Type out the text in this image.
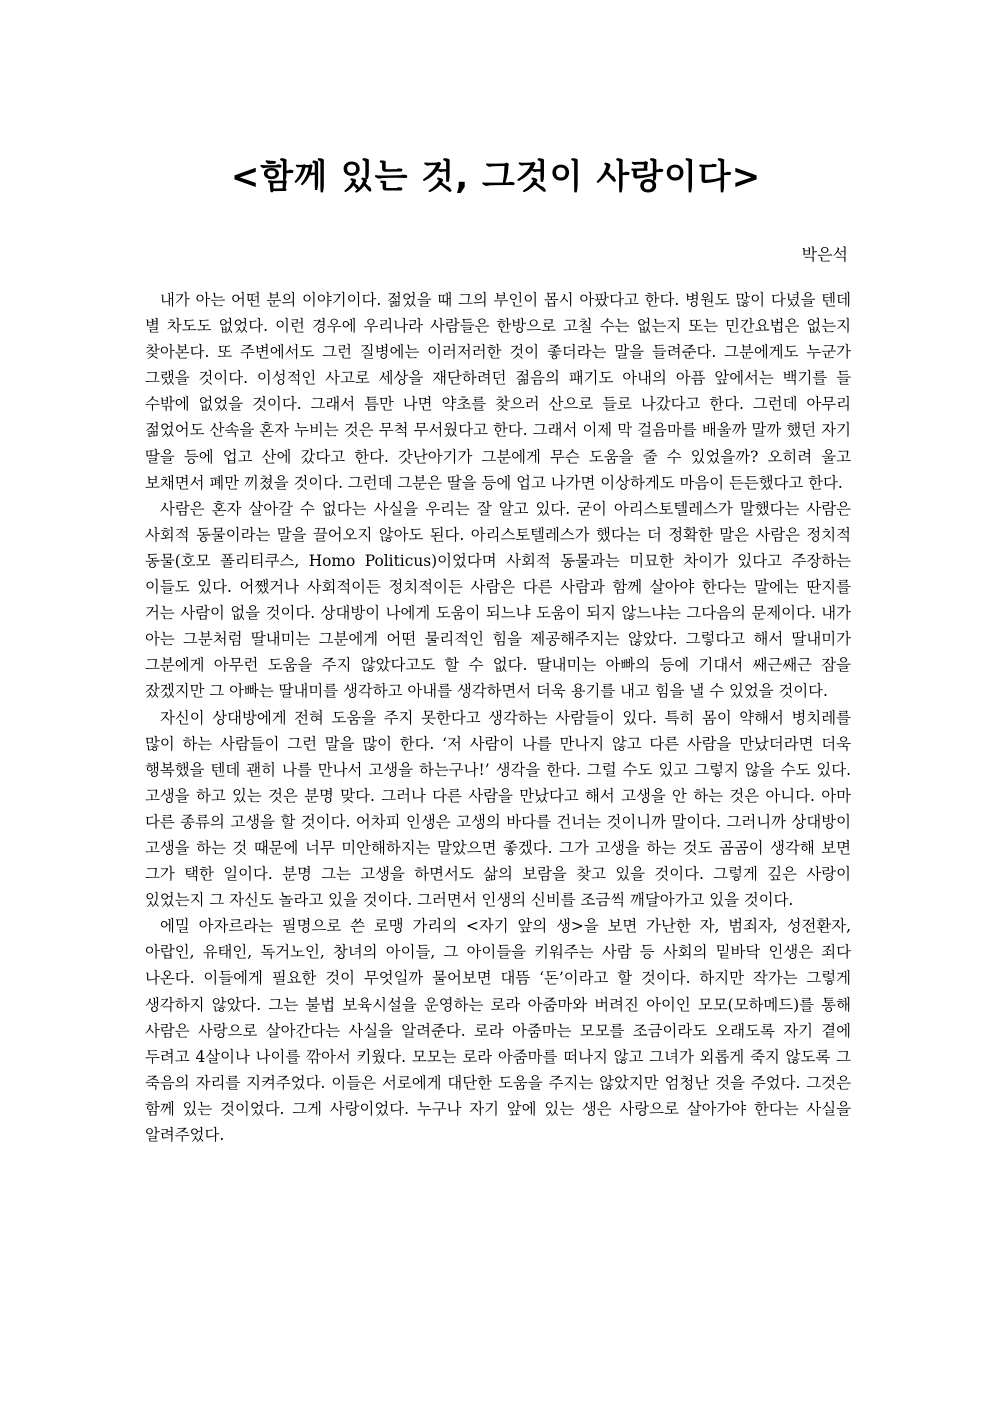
<함께 있는 것, 그것이 사랑이다>

박은석

내가 아는 어떤 분의 이야기이다. 젊었을 때 그의 부인이 몹시 아팠다고 한다. 병원도 많이 다녔을 텐데 별 차도도 없었다. 이런 경우에 우리나라 사람들은 한방으로 고칠 수는 없는지 또는 민간요법은 없는지 찾아본다. 또 주변에서도 그런 질병에는 이러저러한 것이 좋더라는 말을 들려준다. 그분에게도 누군가 그랬을 것이다. 이성적인 사고로 세상을 재단하려던 젊음의 패기도 아내의 아픔 앞에서는 백기를 들 수밖에 없었을 것이다. 그래서 틈만 나면 약초를 찾으러 산으로 들로 나갔다고 한다. 그런데 아무리 젊었어도 산속을 혼자 누비는 것은 무척 무서웠다고 한다. 그래서 이제 막 걸음마를 배울까 말까 했던 자기 딸을 등에 업고 산에 갔다고 한다. 갓난아기가 그분에게 무슨 도움을 줄 수 있었을까? 오히려 울고 보채면서 폐만 끼쳤을 것이다. 그런데 그분은 딸을 등에 업고 나가면 이상하게도 마음이 든든했다고 한다.

사람은 혼자 살아갈 수 없다는 사실을 우리는 잘 알고 있다. 굳이 아리스토텔레스가 말했다는 사람은 사회적 동물이라는 말을 끌어오지 않아도 된다. 아리스토텔레스가 했다는 더 정확한 말은 사람은 정치적 동물(호모 폴리티쿠스, Homo Politicus)이었다며 사회적 동물과는 미묘한 차이가 있다고 주장하는 이들도 있다. 어쨌거나 사회적이든 정치적이든 사람은 다른 사람과 함께 살아야 한다는 말에는 딴지를 거는 사람이 없을 것이다. 상대방이 나에게 도움이 되느냐 도움이 되지 않느냐는 그다음의 문제이다. 내가 아는 그분처럼 딸내미는 그분에게 어떤 물리적인 힘을 제공해주지는 않았다. 그렇다고 해서 딸내미가 그분에게 아무런 도움을 주지 않았다고도 할 수 없다. 딸내미는 아빠의 등에 기대서 쌔근쌔근 잠을 잤겠지만 그 아빠는 딸내미를 생각하고 아내를 생각하면서 더욱 용기를 내고 힘을 낼 수 있었을 것이다.

자신이 상대방에게 전혀 도움을 주지 못한다고 생각하는 사람들이 있다. 특히 몸이 약해서 병치레를 많이 하는 사람들이 그런 말을 많이 한다. ‘저 사람이 나를 만나지 않고 다른 사람을 만났더라면 더욱 행복했을 텐데 괜히 나를 만나서 고생을 하는구나!’ 생각을 한다. 그럴 수도 있고 그렇지 않을 수도 있다. 고생을 하고 있는 것은 분명 맞다. 그러나 다른 사람을 만났다고 해서 고생을 안 하는 것은 아니다. 아마 다른 종류의 고생을 할 것이다. 어차피 인생은 고생의 바다를 건너는 것이니까 말이다. 그러니까 상대방이 고생을 하는 것 때문에 너무 미안해하지는 말았으면 좋겠다. 그가 고생을 하는 것도 곰곰이 생각해 보면 그가 택한 일이다. 분명 그는 고생을 하면서도 삶의 보람을 찾고 있을 것이다. 그렇게 깊은 사랑이 있었는지 그 자신도 놀라고 있을 것이다. 그러면서 인생의 신비를 조금씩 깨달아가고 있을 것이다.

에밀 아자르라는 필명으로 쓴 로맹 가리의 <자기 앞의 생>을 보면 가난한 자, 범죄자, 성전환자, 아랍인, 유태인, 독거노인, 창녀의 아이들, 그 아이들을 키워주는 사람 등 사회의 밑바닥 인생은 죄다 나온다. 이들에게 필요한 것이 무엇일까 물어보면 대뜸 ‘돈’이라고 할 것이다. 하지만 작가는 그렇게 생각하지 않았다. 그는 불법 보육시설을 운영하는 로라 아줌마와 버려진 아이인 모모(모하메드)를 통해 사람은 사랑으로 살아간다는 사실을 알려준다. 로라 아줌마는 모모를 조금이라도 오래도록 자기 곁에 두려고 4살이나 나이를 깎아서 키웠다. 모모는 로라 아줌마를 떠나지 않고 그녀가 외롭게 죽지 않도록 그 죽음의 자리를 지켜주었다. 이들은 서로에게 대단한 도움을 주지는 않았지만 엄청난 것을 주었다. 그것은 함께 있는 것이었다. 그게 사랑이었다. 누구나 자기 앞에 있는 생은 사랑으로 살아가야 한다는 사실을 알려주었다.
